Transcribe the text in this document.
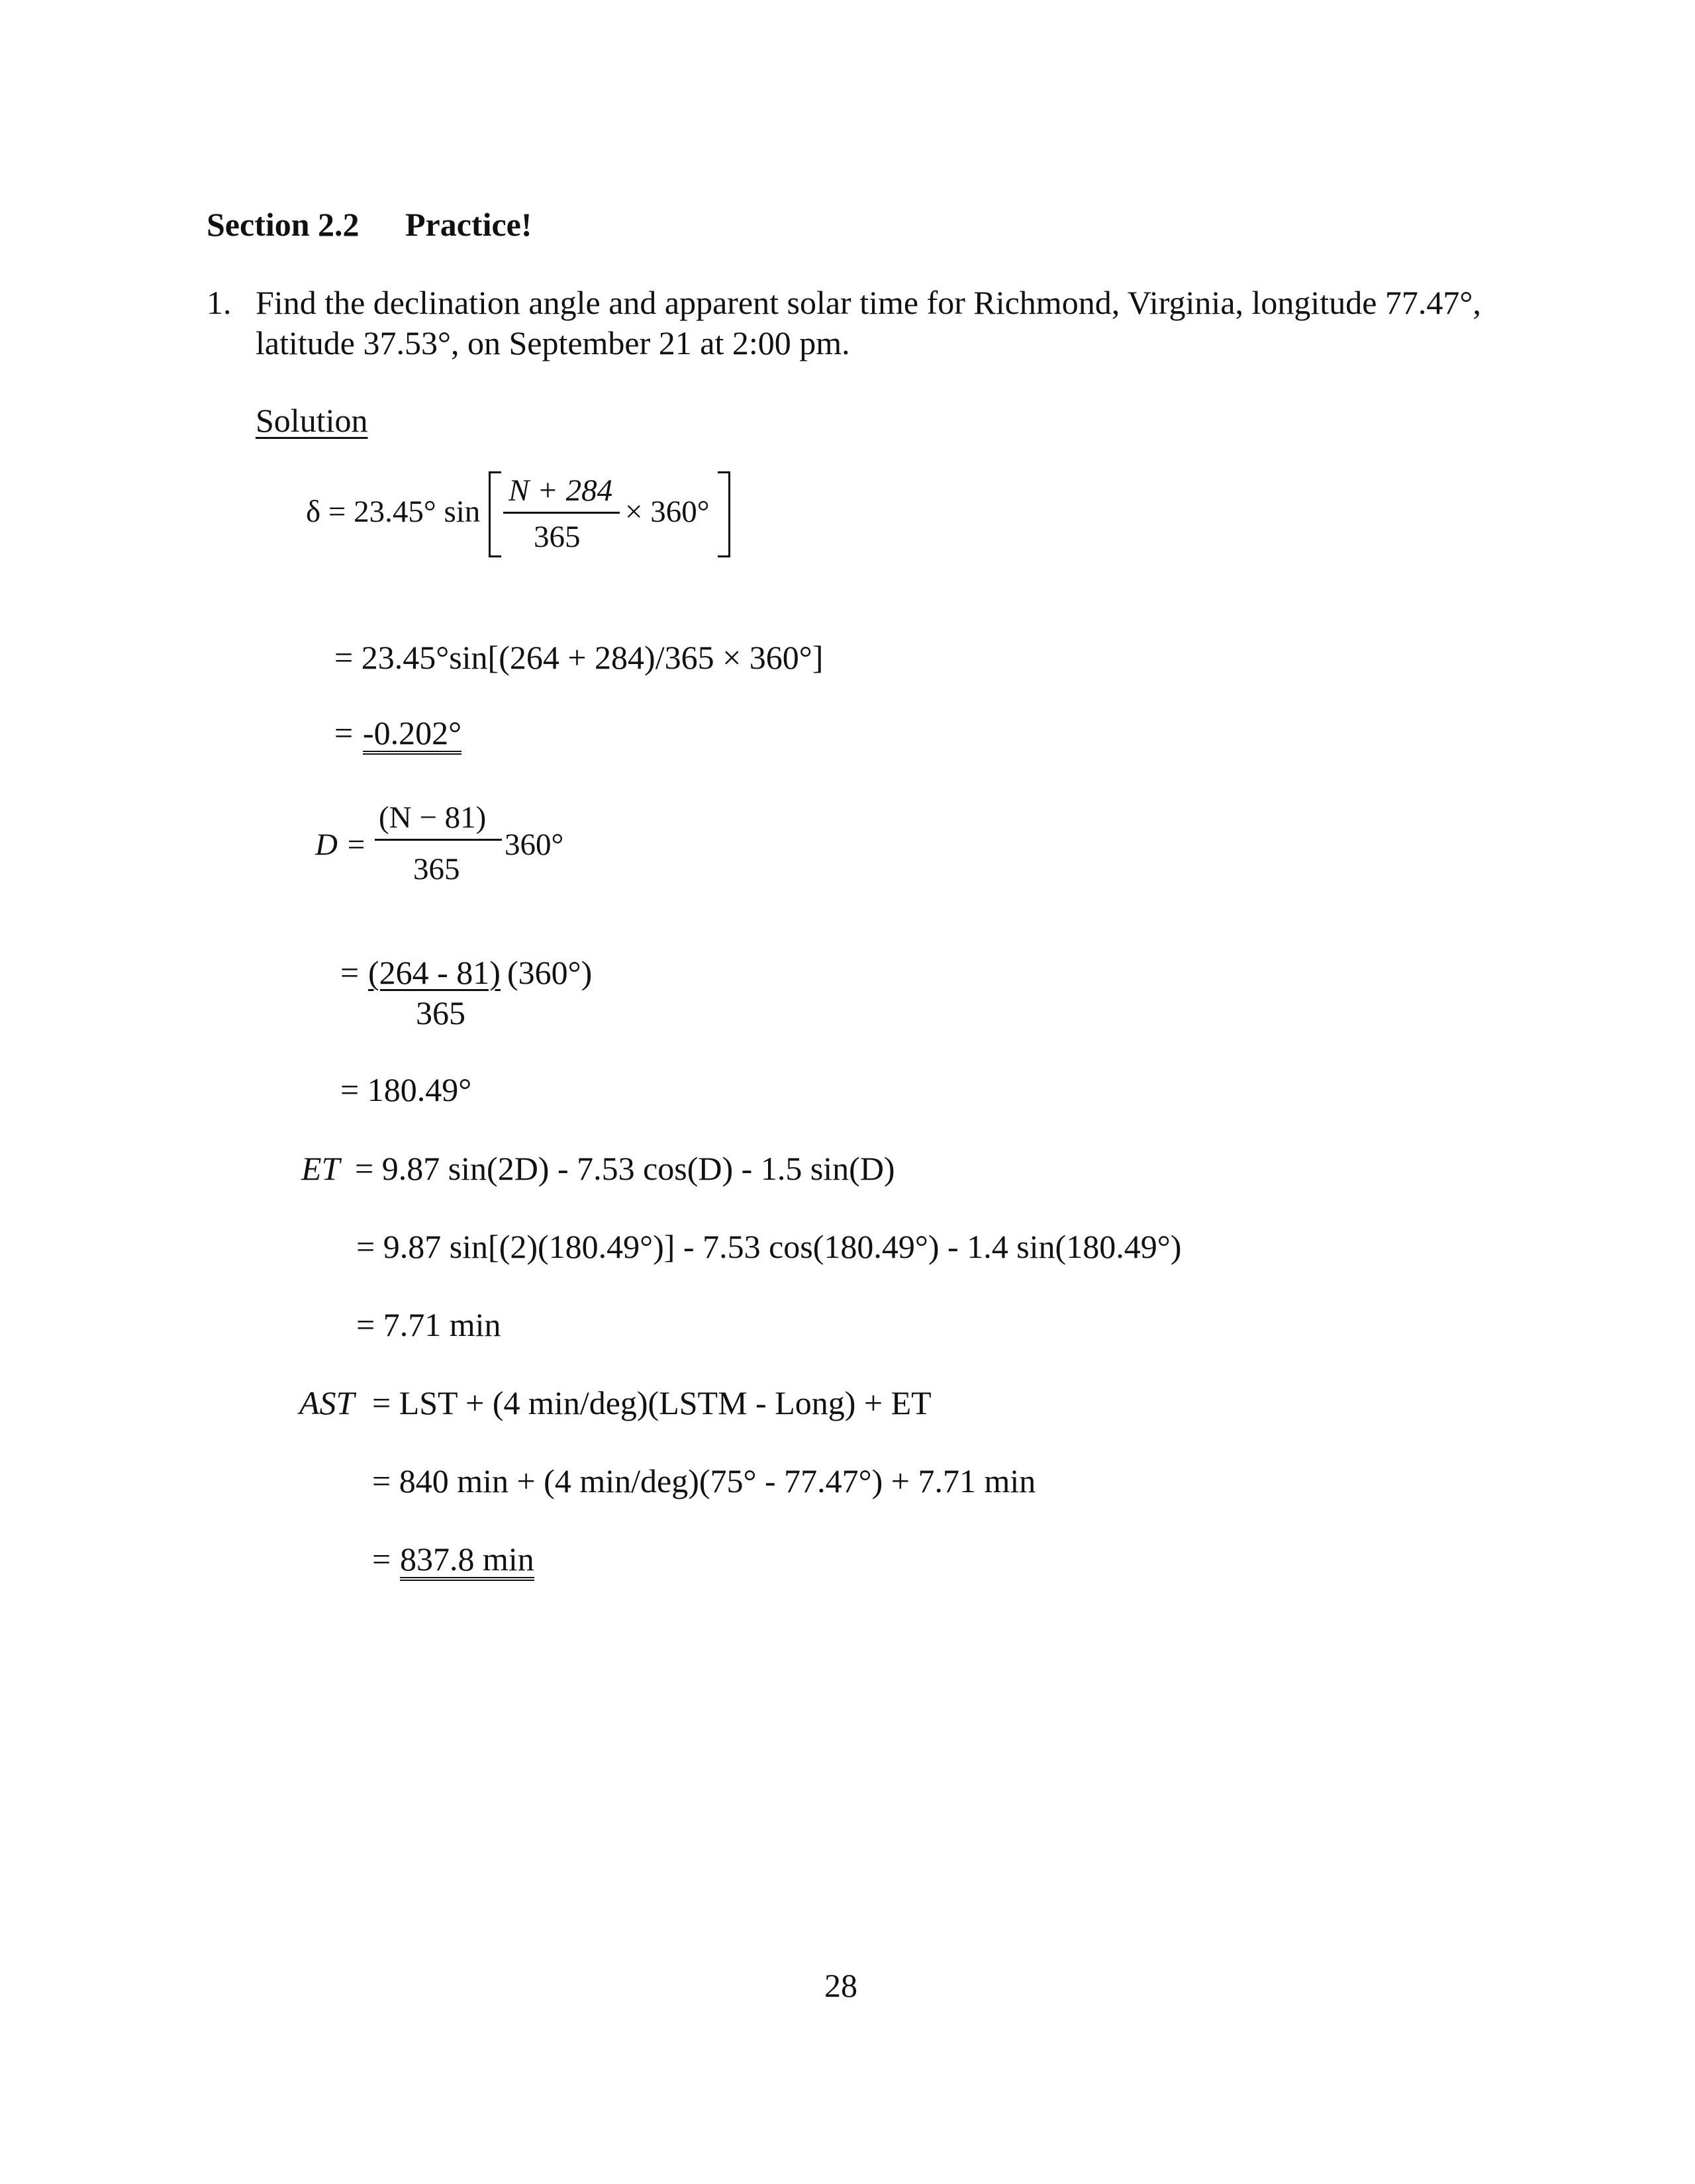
Section 2.2 Practice!
1. Find the declination angle and apparent solar time for Richmond, Virginia, longitude 77.47°,
latitude 37.53°, on September 21 at 2:00 pm.
Solution
δ = 23.45° sin
N + 284
365
× 360°
= 23.45°sin[(264 + 284)/365 × 360°]
= -0.202°
D =
(N − 81)
365
360°
= (264 - 81) (360°)
365
= 180.49°
ET = 9.87 sin(2D) - 7.53 cos(D) - 1.5 sin(D)
= 9.87 sin[(2)(180.49°)] - 7.53 cos(180.49°) - 1.4 sin(180.49°)
= 7.71 min
AST = LST + (4 min/deg)(LSTM - Long) + ET
= 840 min + (4 min/deg)(75° - 77.47°) + 7.71 min
= 837.8 min
28
